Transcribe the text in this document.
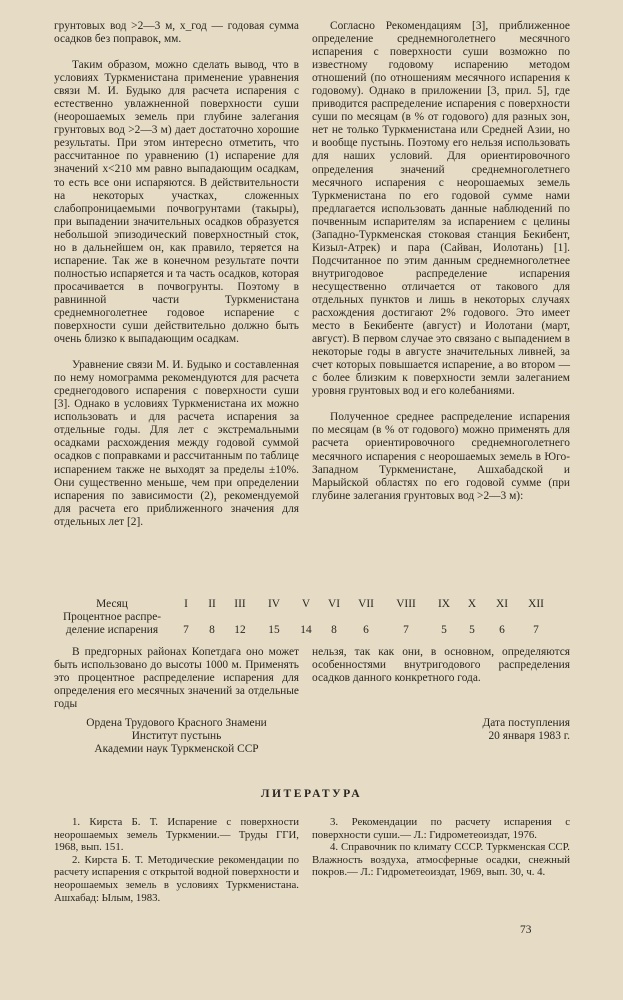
грунтовых вод >2—3 м, x_год — годовая сумма осадков без поправок, мм.

Таким образом, можно сделать вывод, что в условиях Туркменистана применение уравнения связи М. И. Будыко для расчета испарения с естественно увлажненной поверхности суши (неорошаемых земель при глубине залегания грунтовых вод >2—3 м) дает достаточно хорошие результаты. При этом интересно отметить, что рассчитанное по уравнению (1) испарение для значений x<210 мм равно выпадающим осадкам, то есть все они испаряются. В действительности на некоторых участках, сложенных слабопроницаемыми почвогрунтами (такыры), при выпадении значительных осадков образуется небольшой эпизодический поверхностный сток, но в дальнейшем он, как правило, теряется на испарение. Так же в конечном результате почти полностью испаряется и та часть осадков, которая просачивается в почвогрунты. Поэтому в равнинной части Туркменистана среднемноголетнее годовое испарение с поверхности суши действительно должно быть очень близко к выпадающим осадкам.

Уравнение связи М. И. Будыко и составленная по нему номограмма рекомендуются для расчета среднегодового испарения с поверхности суши [3]. Однако в условиях Туркменистана их можно использовать и для расчета испарения за отдельные годы. Для лет с экстремальными осадками расхождения между годовой суммой осадков с поправками и рассчитанным по таблице испарением также не выходят за пределы ±10%. Они существенно меньше, чем при определении испарения по зависимости (2), рекомендуемой для расчета его приближенного значения для отдельных лет [2].

Согласно Рекомендациям [3], приближенное определение среднемноголетнего месячного испарения с поверхности суши возможно по известному годовому испарению методом отношений (по отношениям месячного испарения к годовому). Однако в приложении [3, прил. 5], где приводится распределение испарения с поверхности суши по месяцам (в % от годового) для разных зон, нет не только Туркменистана или Средней Азии, но и вообще пустынь. Поэтому его нельзя использовать для наших условий. Для ориентировочного определения значений среднемноголетнего месячного испарения с неорошаемых земель Туркменистана по его годовой сумме нами предлагается использовать данные наблюдений по почвенным испарителям за испарением с целины (Западно-Туркменская стоковая станция Бекибент, Кизыл-Атрек) и пара (Сайван, Иолотань) [1]. Подсчитанное по этим данным среднемноголетнее внутригодовое распределение испарения несущественно отличается от такового для отдельных пунктов и лишь в некоторых случаях расхождения достигают 2% годового. Это имеет место в Бекибенте (август) и Иолотани (март, август). В первом случае это связано с выпадением в некоторые годы в августе значительных ливней, за счет которых повышается испарение, а во втором — с более близким к поверхности земли залеганием уровня грунтовых вод и его колебаниями.

Полученное среднее распределение испарения по месяцам (в % от годового) можно применять для расчета ориентировочного среднемноголетнего месячного испарения с неорошаемых земель в Юго-Западном Туркменистане, Ашхабадской и Марыйской областях по его годовой сумме (при глубине залегания грунтовых вод >2—3 м):

Месяц	I	II	III	IV	V	VI	VII	VIII	IX	X	XI	XII
Процентное распре-
деление испарения	7	8	12	15	14	8	6	7	5	5	6	7

В предгорных районах Копетдага оно может быть использовано до высоты 1000 м. Применять это процентное распределение испарения для определения его месячных значений за отдельные годы

нельзя, так как они, в основном, определяются особенностями внутригодового распределения осадков данного конкретного года.

Ордена Трудового Красного Знамени
Институт пустынь
Академии наук Туркменской ССР
Дата поступления
20 января 1983 г.
ЛИТЕРАТУРА

1. Кирста Б. Т. Испарение с поверхности неорошаемых земель Туркмении.— Труды ГГИ, 1968, вып. 151.

2. Кирста Б. Т. Методические рекомендации по расчету испарения с открытой водной поверхности и неорошаемых земель в условиях Туркменистана. Ашхабад: Ылым, 1983.

3. Рекомендации по расчету испарения с поверхности суши.— Л.: Гидрометеоиздат, 1976.

4. Справочник по климату СССР. Туркменская ССР. Влажность воздуха, атмосферные осадки, снежный покров.— Л.: Гидрометеоиздат, 1969, вып. 30, ч. 4.

73
